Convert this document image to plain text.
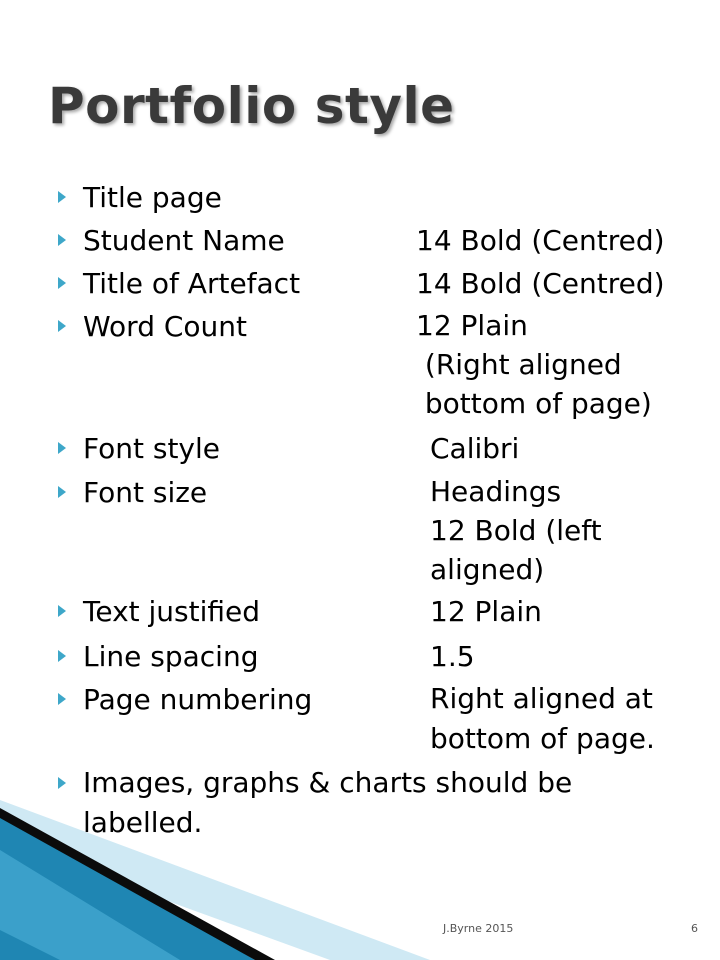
Portfolio style
Title page
Student Name	14 Bold (Centred)
Title of Artefact	14 Bold (Centred)
Word Count	12 Plain
(Right aligned
bottom of page)
Font style	Calibri
Font size	Headings
12 Bold (left
aligned)
Text justified	12 Plain
Line spacing	1.5
Page numbering	Right aligned at
bottom of page.
Images, graphs & charts should be
labelled.
J.Byrne 2015	6
